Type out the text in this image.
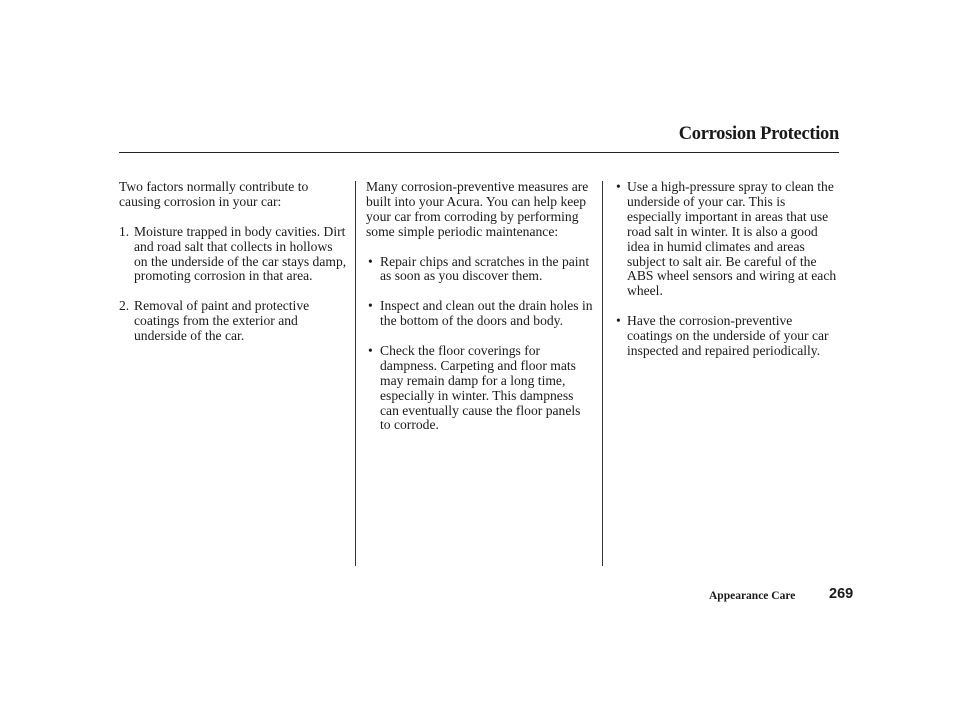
Corrosion Protection

Two factors normally contribute to causing corrosion in your car:

1. Moisture trapped in body cavities. Dirt and road salt that collects in hollows on the underside of the car stays damp, promoting corrosion in that area.

2. Removal of paint and protective coatings from the exterior and underside of the car.

Many corrosion-preventive measures are built into your Acura. You can help keep your car from corroding by performing some simple periodic maintenance:

• Repair chips and scratches in the paint as soon as you discover them.

• Inspect and clean out the drain holes in the bottom of the doors and body.

• Check the floor coverings for dampness. Carpeting and floor mats may remain damp for a long time, especially in winter. This dampness can eventually cause the floor panels to corrode.

• Use a high-pressure spray to clean the underside of your car. This is especially important in areas that use road salt in winter. It is also a good idea in humid climates and areas subject to salt air. Be careful of the ABS wheel sensors and wiring at each wheel.

• Have the corrosion-preventive coatings on the underside of your car inspected and repaired periodically.

Appearance Care 269
